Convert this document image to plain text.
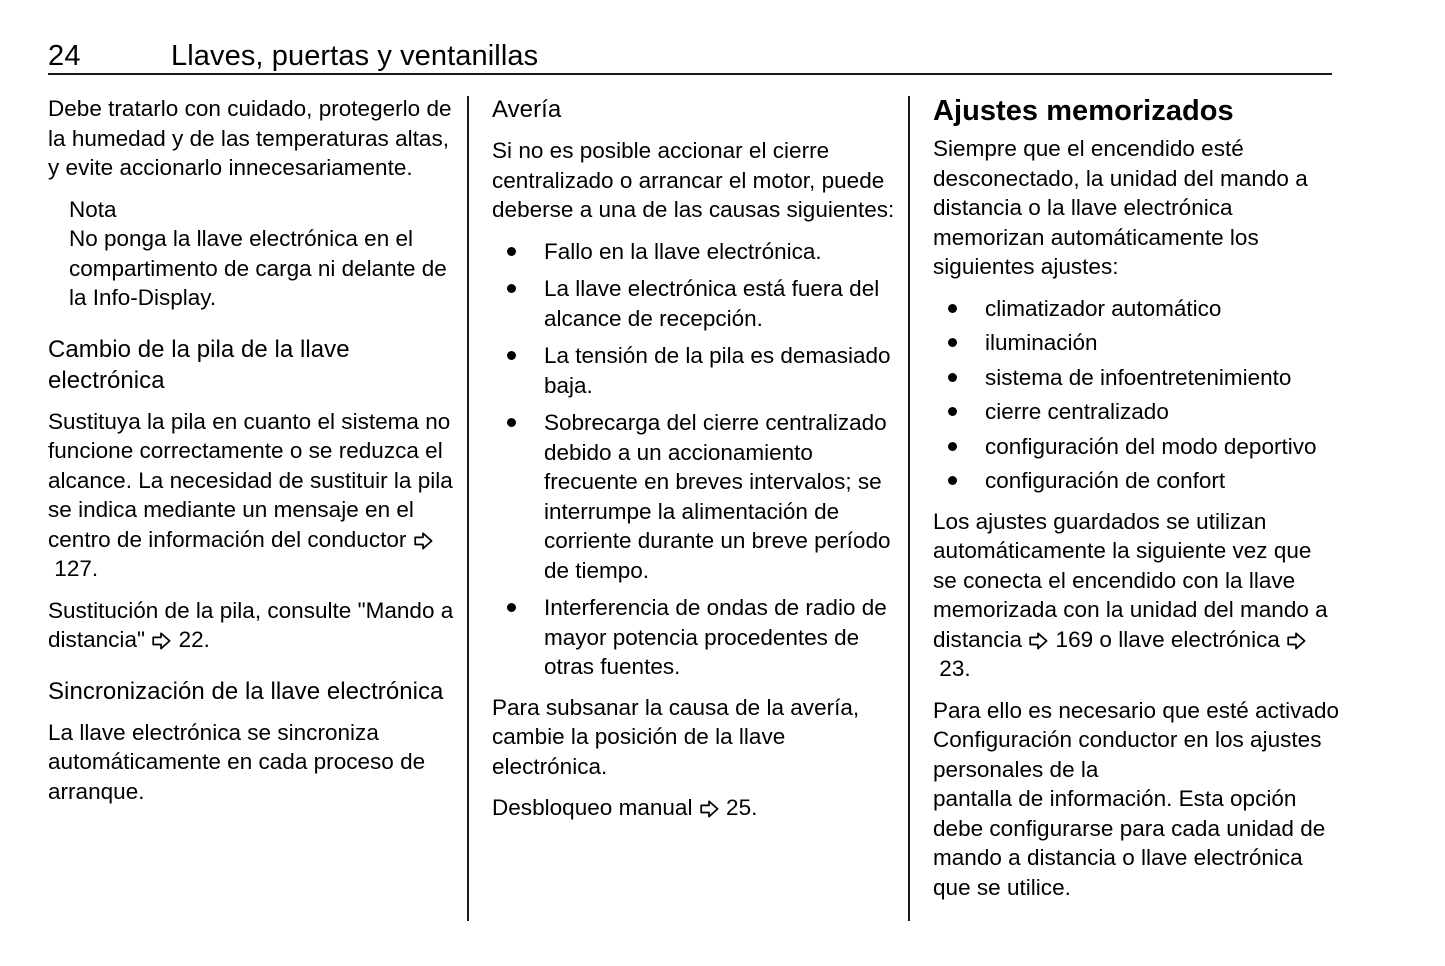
24	Llaves, puertas y ventanillas

Debe tratarlo con cuidado, protegerlo de la humedad y de las temperaturas altas, y evite accionarlo innecesariamente.

Nota

No ponga la llave electrónica en el compartimento de carga ni delante de la Info-Display.

Cambio de la pila de la llave electrónica

Sustituya la pila en cuanto el sistema no funcione correctamente o se reduzca el alcance. La necesidad de sustituir la pila se indica mediante un mensaje en el centro de información del conductor
127.

Sustitución de la pila, consulte "Mando a distancia" 22.

Sincronización de la llave electrónica

La llave electrónica se sincroniza automáticamente en cada proceso de arranque.

Avería

Si no es posible accionar el cierre centralizado o arrancar el motor, puede deberse a una de las causas siguientes:

Fallo en la llave electrónica.
La llave electrónica está fuera del alcance de recepción.
La tensión de la pila es demasiado baja.
Sobrecarga del cierre centralizado debido a un accionamiento frecuente en breves intervalos; se interrumpe la alimentación de corriente durante un breve período de tiempo.
Interferencia de ondas de radio de mayor potencia procedentes de otras fuentes.

Para subsanar la causa de la avería, cambie la posición de la llave electrónica.

Desbloqueo manual 25.

Ajustes memorizados

Siempre que el encendido esté desconectado, la unidad del mando a distancia o la llave electrónica memorizan automáticamente los siguientes ajustes:

climatizador automático
iluminación
sistema de infoentretenimiento
cierre centralizado
configuración del modo deportivo
configuración de confort

Los ajustes guardados se utilizan automáticamente la siguiente vez que se conecta el encendido con la llave memorizada con la unidad del mando a distancia 169 o llave electrónica
23.

Para ello es necesario que esté activado Configuración conductor en los ajustes personales de la

pantalla de información. Esta opción debe configurarse para cada unidad de mando a distancia o llave electrónica que se utilice.
